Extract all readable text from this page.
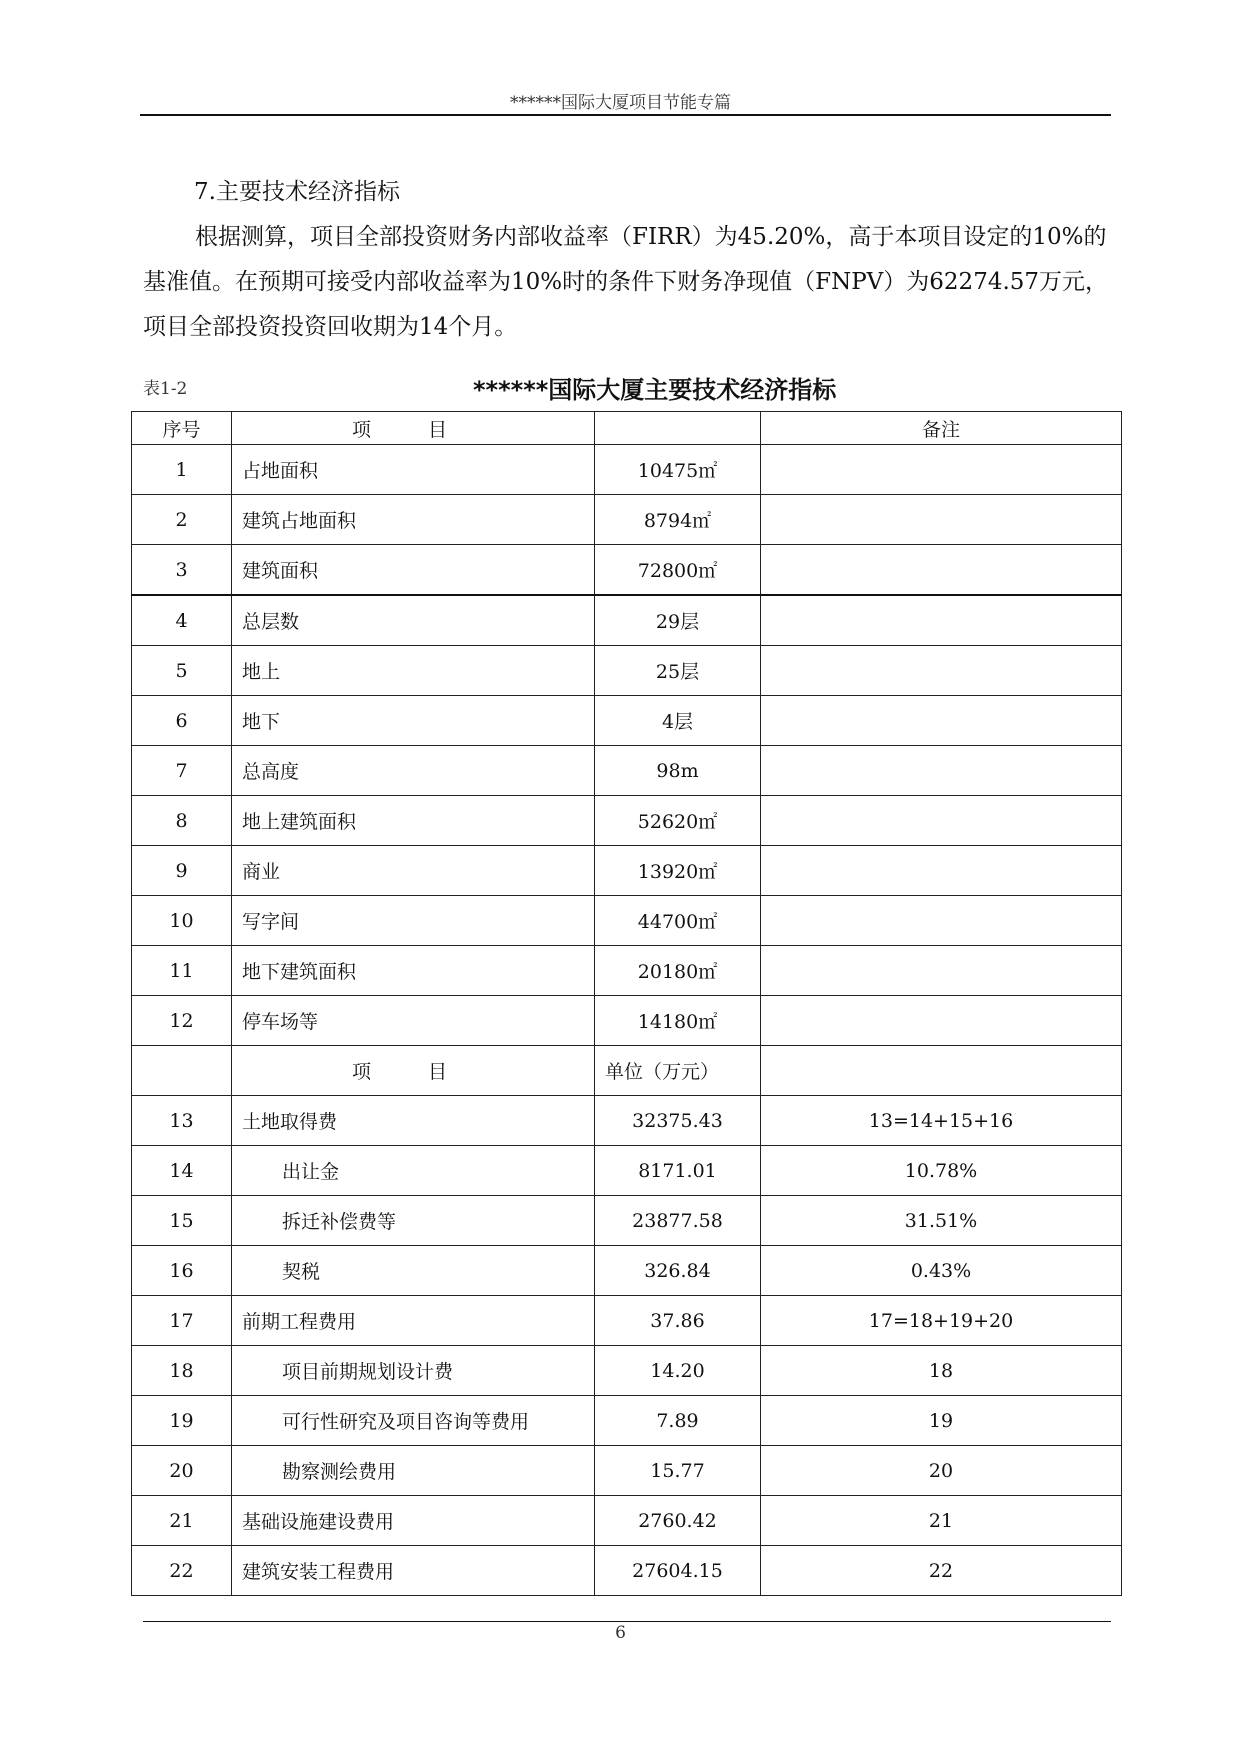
******国际大厦项目节能专篇
7.主要技术经济指标
根据测算，项目全部投资财务内部收益率（FIRR）为45.20%，高于本项目设定的10%的基准值。在预期可接受内部收益率为10%时的条件下财务净现值（FNPV）为62274.57万元，项目全部投资投资回收期为14个月。
表1-2	******国际大厦主要技术经济指标
序号	项　　　目		备注
1	占地面积	10475㎡	
2	建筑占地面积	8794㎡	
3	建筑面积	72800㎡	
4	总层数	29层	
5	地上	25层	
6	地下	4层	
7	总高度	98m	
8	地上建筑面积	52620㎡	
9	商业	13920㎡	
10	写字间	44700㎡	
11	地下建筑面积	20180㎡	
12	停车场等	14180㎡	
	项　　　目	单位（万元）	
13	土地取得费	32375.43	13=14+15+16
14	出让金	8171.01	10.78%
15	拆迁补偿费等	23877.58	31.51%
16	契税	326.84	0.43%
17	前期工程费用	37.86	17=18+19+20
18	项目前期规划设计费	14.20	18
19	可行性研究及项目咨询等费用	7.89	19
20	勘察测绘费用	15.77	20
21	基础设施建设费用	2760.42	21
22	建筑安装工程费用	27604.15	22
6
